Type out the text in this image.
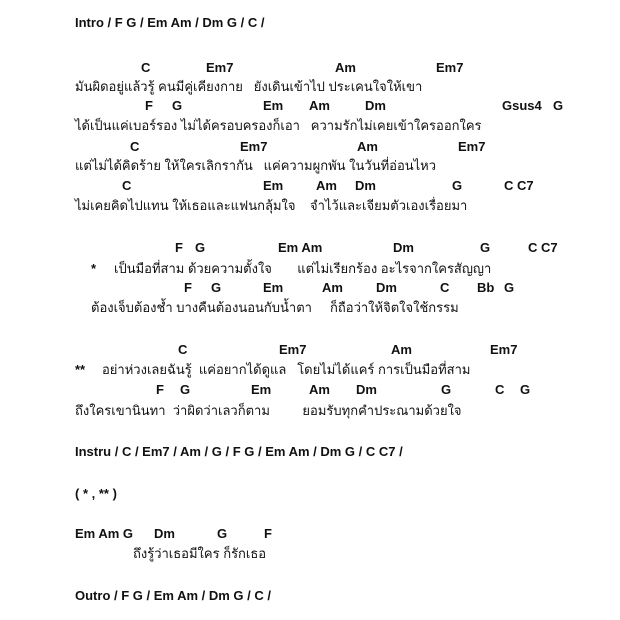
Intro / F G / Em Am / Dm G / C /
C	Em7	Am	Em7
มันผิดอยู่แล้วรู้ คนมีคู่เคียงกาย   ยังเดินเข้าไป ประเคนใจให้เขา
F G	Em Am	Dm	Gsus4 G
ได้เป็นแค่เบอร์รอง ไม่ได้ครอบครองก็เอา   ความรักไม่เคยเข้าใครออกใคร
C	Em7	Am	Em7
แต่ไม่ได้คิดร้าย ให้ใครเลิกรากัน   แค่ความผูกพัน ในวันที่อ่อนไหว
C	Em	Am Dm	G	C C7
ไม่เคยคิดไปแทน ให้เธอและแฟนกลุ้มใจ    จำไว้และเจียมตัวเองเรื่อยมา
F G	Em Am	Dm	G	C C7
* เป็นมือที่สาม ด้วยความตั้งใจ       แต่ไม่เรียกร้อง อะไรจากใครสัญญา
F G	Em	Am	Dm	C Bb G
ต้องเจ็บต้องช้ำ บางคืนต้องนอนกับน้ำตา     ก็ถือว่าให้จิตใจใช้กรรม
C	Em7	Am	Em7
** อย่าห่วงเลยฉันรู้  แค่อยากได้ดูแล   โดยไม่ได้แคร์ การเป็นมือที่สาม
F G	Em	Am Dm	G	C G
ถึงใครเขานินทา  ว่าผิดว่าเลวก็ตาม         ยอมรับทุกคำประณามด้วยใจ
Instru / C / Em7 / Am / G / F G / Em Am / Dm G / C C7 /
( * , ** )
Em Am G Dm	G	F
ถึงรู้ว่าเธอมีใคร ก็รักเธอ
Outro / F G / Em Am / Dm G / C /
